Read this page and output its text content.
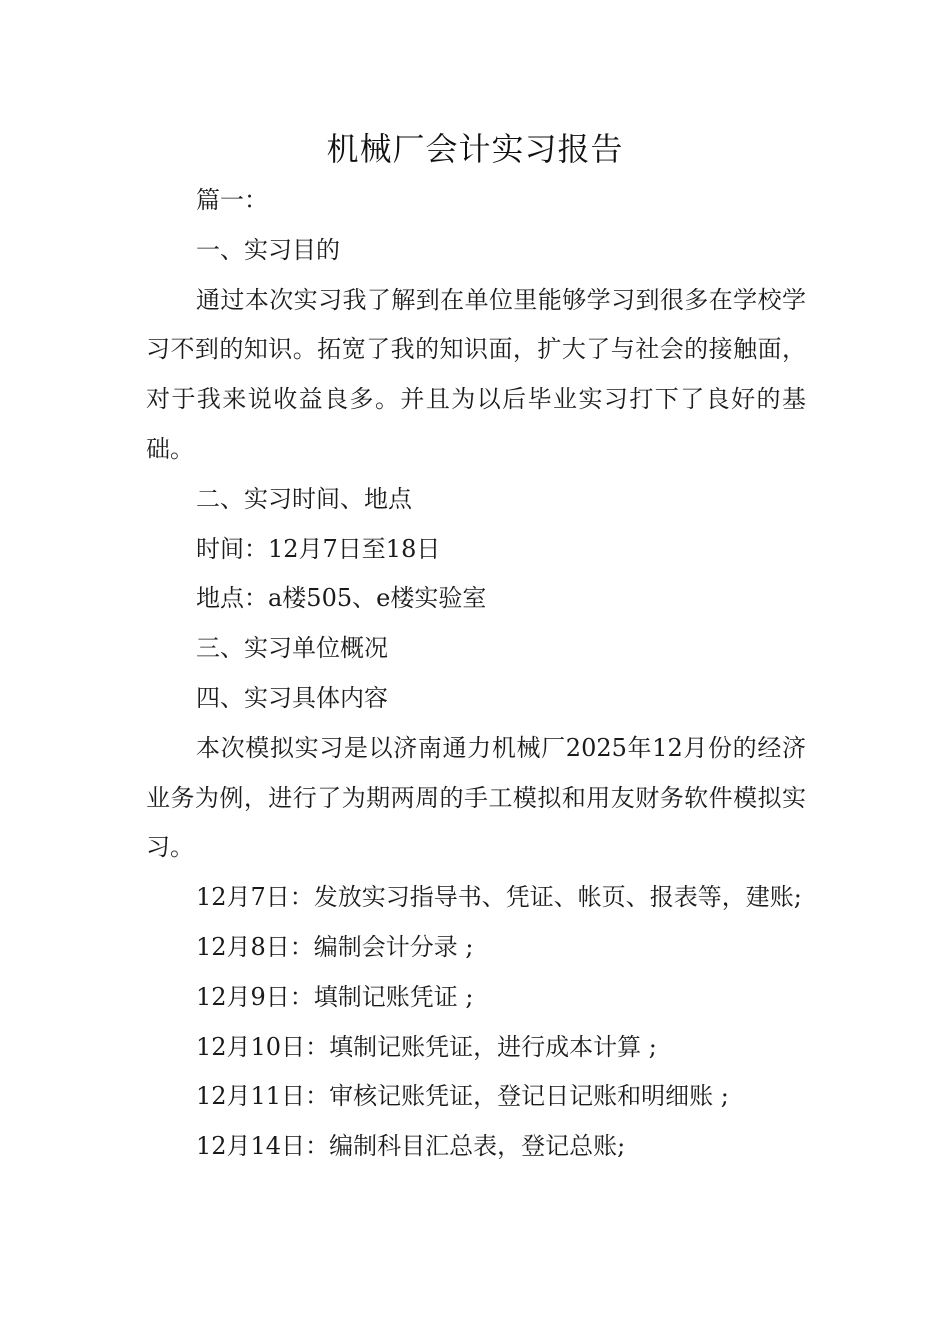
机械厂会计实习报告

篇一：

一、实习目的

通过本次实习我了解到在单位里能够学习到很多在学校学习不到的知识。拓宽了我的知识面，扩大了与社会的接触面，对于我来说收益良多。并且为以后毕业实习打下了良好的基础。

二、实习时间、地点

时间：12月7日至18日

地点：a楼505、e楼实验室

三、实习单位概况

四、实习具体内容

本次模拟实习是以济南通力机械厂2025年12月份的经济业务为例，进行了为期两周的手工模拟和用友财务软件模拟实习。

12月7日：发放实习指导书、凭证、帐页、报表等，建账;

12月8日：编制会计分录 ;

12月9日：填制记账凭证 ;

12月10日：填制记账凭证，进行成本计算 ;

12月11日：审核记账凭证，登记日记账和明细账 ;

12月14日：编制科目汇总表，登记总账;
